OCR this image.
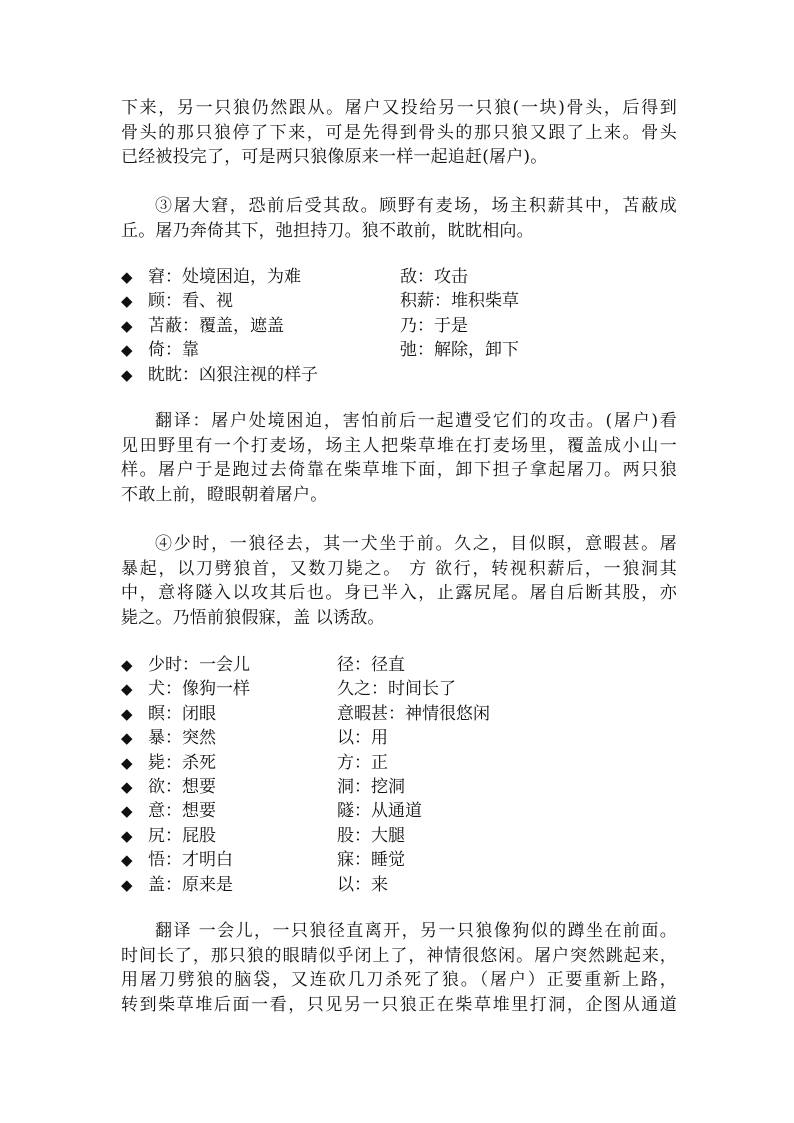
下来，另一只狼仍然跟从。屠户又投给另一只狼(一块)骨头，后得到
骨头的那只狼停了下来，可是先得到骨头的那只狼又跟了上来。骨头
已经被投完了，可是两只狼像原来一样一起追赶(屠户)。

③屠大窘，恐前后受其敌。顾野有麦场，场主积薪其中，苫蔽成
丘。屠乃奔倚其下，弛担持刀。狼不敢前，眈眈相向。

◆ 窘：处境困迫，为难	敌：攻击
◆ 顾：看、视	积薪：堆积柴草
◆ 苫蔽：覆盖，遮盖	乃：于是
◆ 倚：靠	弛：解除，卸下
◆ 眈眈：凶狠注视的样子

翻译：屠户处境困迫，害怕前后一起遭受它们的攻击。(屠户)看
见田野里有一个打麦场，场主人把柴草堆在打麦场里，覆盖成小山一
样。屠户于是跑过去倚靠在柴草堆下面，卸下担子拿起屠刀。两只狼
不敢上前，瞪眼朝着屠户。

④少时，一狼径去，其一犬坐于前。久之，目似瞑，意暇甚。屠
暴起，以刀劈狼首，又数刀毙之。 方 欲行，转视积薪后，一狼洞其
中，意将隧入以攻其后也。身已半入，止露尻尾。屠自后断其股，亦
毙之。乃悟前狼假寐，盖 以诱敌。

◆ 少时：一会儿	径：径直
◆ 犬：像狗一样	久之：时间长了
◆ 瞑：闭眼	意暇甚：神情很悠闲
◆ 暴：突然	以：用
◆ 毙：杀死	方：正
◆ 欲：想要	洞：挖洞
◆ 意：想要	隧：从通道
◆ 尻：屁股	股：大腿
◆ 悟：才明白	寐：睡觉
◆ 盖：原来是	以：来

翻译 一会儿，一只狼径直离开，另一只狼像狗似的蹲坐在前面。
时间长了，那只狼的眼睛似乎闭上了，神情很悠闲。屠户突然跳起来，
用屠刀劈狼的脑袋，又连砍几刀杀死了狼。（屠户）正要重新上路，
转到柴草堆后面一看，只见另一只狼正在柴草堆里打洞，企图从通道
